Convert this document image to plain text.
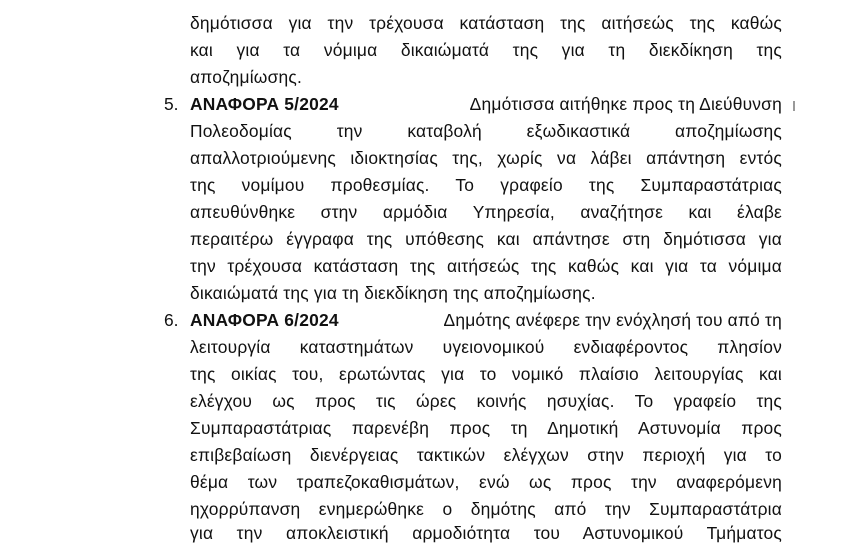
δημότισσα για την τρέχουσα κατάσταση της αιτήσεώς της καθώς
και για τα νόμιμα δικαιώματά της για τη διεκδίκηση της
αποζημίωσης.
5. ΑΝΑΦΟΡΑ 5/2024	Δημότισσα αιτήθηκε προς τη Διεύθυνση
Πολεοδομίας την καταβολή εξωδικαστικά αποζημίωσης
απαλλοτριούμενης ιδιοκτησίας της, χωρίς να λάβει απάντηση εντός
της νομίμου προθεσμίας. Το γραφείο της Συμπαραστάτριας
απευθύνθηκε στην αρμόδια Υπηρεσία, αναζήτησε και έλαβε
περαιτέρω έγγραφα της υπόθεσης και απάντησε στη δημότισσα για
την τρέχουσα κατάσταση της αιτήσεώς της καθώς και για τα νόμιμα
δικαιώματά της για τη διεκδίκηση της αποζημίωσης.
6. ΑΝΑΦΟΡΑ 6/2024	Δημότης ανέφερε την ενόχλησή του από τη
λειτουργία καταστημάτων υγειονομικού ενδιαφέροντος πλησίον
της οικίας του, ερωτώντας για το νομικό πλαίσιο λειτουργίας και
ελέγχου ως προς τις ώρες κοινής ησυχίας. Το γραφείο της
Συμπαραστάτριας παρενέβη προς τη Δημοτική Αστυνομία προς
επιβεβαίωση διενέργειας τακτικών ελέγχων στην περιοχή για το
θέμα των τραπεζοκαθισμάτων, ενώ ως προς την αναφερόμενη
ηχορρύπανση ενημερώθηκε ο δημότης από την Συμπαραστάτρια
για την αποκλειστική αρμοδιότητα του Αστυνομικού Τμήματος
